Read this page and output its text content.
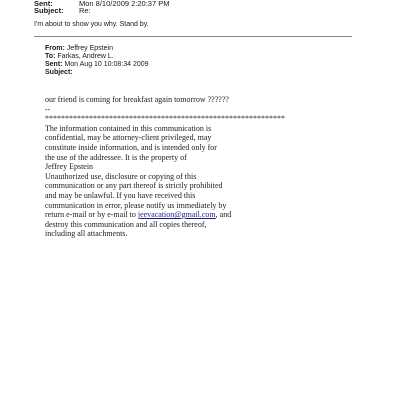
Sent:	Mon 8/10/2009 2:20:37 PM
Subject: Re:
I'm about to show you why. Stand by.
From: Jeffrey Epstein
To: Farkas, Andrew L.
Sent: Mon Aug 10 10:08:34 2009
Subject:

our friend is coming for breakfast again tomorrow ??????

--

************************************************************

The information contained in this communication is

confidential, may be attorney-client privileged, may

constitute inside information, and is intended only for

the use of the addressee. It is the property of

Jeffrey Epstein

Unauthorized use, disclosure or copying of this

communication or any part thereof is strictly prohibited

and may be unlawful. If you have received this

communication in error, please notify us immediately by

return e-mail or by e-mail to jeevacation@gmail.com, and

destroy this communication and all copies thereof,

including all attachments.
